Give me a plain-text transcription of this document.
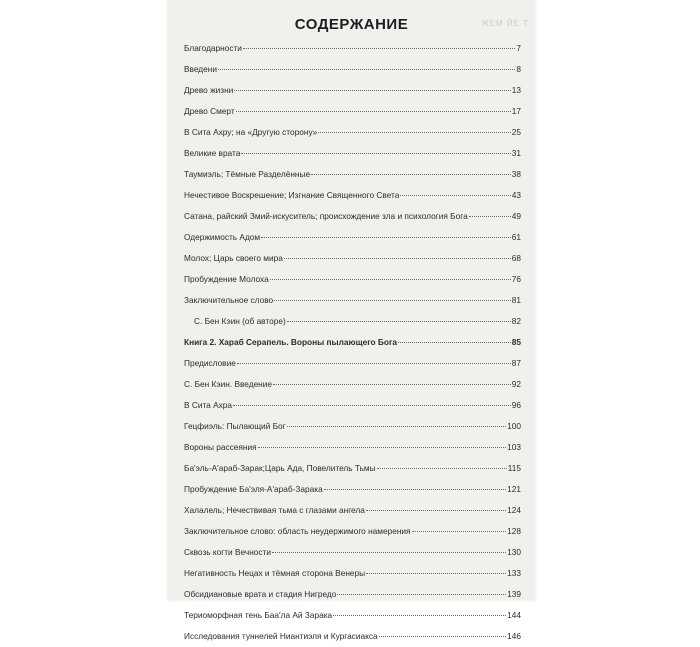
ЖЕМ ЙЕ Т
СОДЕРЖАНИЕ
Благодарности	7
Введени	8
Древо жизни	13
Древо Смерт	17
В Сита Ахру; на «Другую сторону»	25
Великие врата	31
Таумиэль; Тёмные Разделённые	38
Нечестивое Воскрешение; Изгнание Священного Света	43
Сатана, райский Змий-искуситель; происхождение зла и психология Бога	49
Одержимость Адом	61
Молох; Царь своего мира	68
Пробуждение Молоха	76
Заключительное слово	81
С. Бен Кэин (об авторе)	82
Книга 2. Хараб Серапель. Вороны пылающего Бога	85
Предисловие	87
С. Бен Кэин. Введение	92
В Сита Ахра	96
Гецфиэль: Пылающий Бог	100
Вороны рассеяния	103
Ба'эль-А'араб-Зарак;Царь Ада, Повелитель Тьмы	115
Пробуждение Ба'эля-А'араб-Зарака	121
Халалель; Нечествивая тьма с глазами ангела	124
Заключительное слово: область неудержимого намерения	128
Сквозь когти Вечности	130
Негативность Нецах и тёмная сторона Венеры	133
Обсидиановые врата и стадия Нигредо	139
Териоморфная тень Баа'ла Ай Зарака	144
Исследования туннелей Ниантиэля и Кургасиакса	146
